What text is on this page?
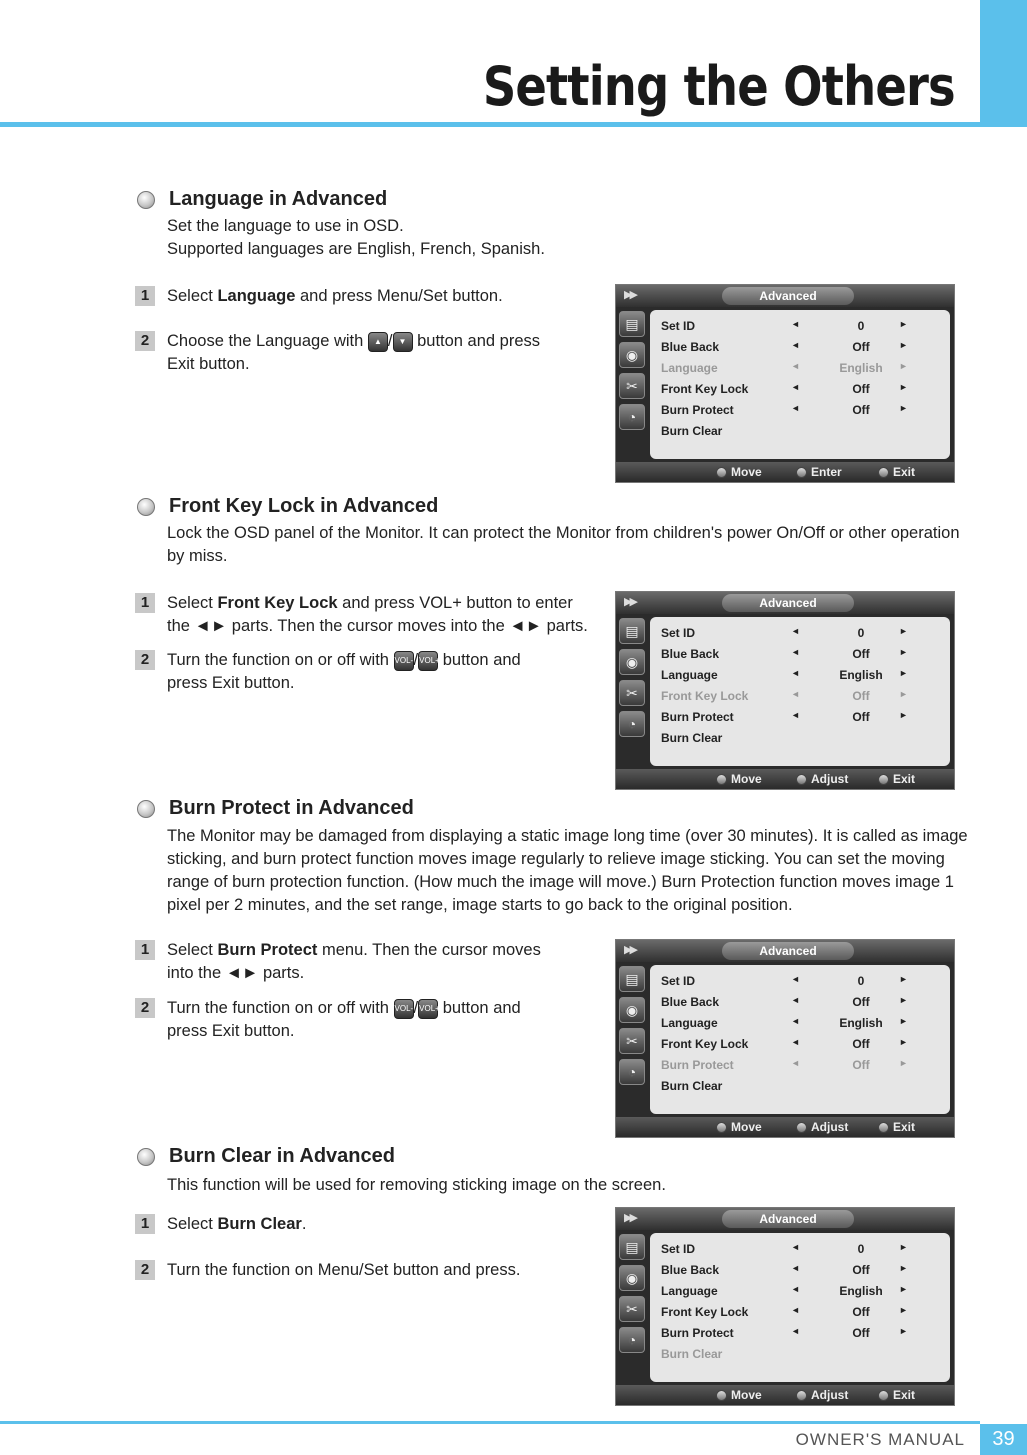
Setting the Others
Language in Advanced

Set the language to use in OSD.
Supported languages are English, French, Spanish.

1	Select Language and press Menu/Set button.
2	Choose the Language with ▲ / ▼ button and press
Exit button.
Front Key Lock in Advanced

Lock the OSD panel of the Monitor. It can protect the Monitor from children's power On/Off or other operation
by miss.

1	Select Front Key Lock and press VOL+ button to enter
the ◄► parts. Then the cursor moves into the ◄► parts.
2	Turn the function on or off with VOL-/VOL+ button and
press Exit button.
Burn Protect in Advanced

The Monitor may be damaged from displaying a static image long time (over 30 minutes). It is called as image
sticking, and burn protect function moves image regularly to relieve image sticking. You can set the moving
range of burn protection function. (How much the image will move.) Burn Protection function moves image 1
pixel per 2 minutes, and the set range, image starts to go back to the original position.

1	Select Burn Protect menu. Then the cursor moves
into the ◄► parts.
2	Turn the function on or off with VOL-/VOL+ button and
press Exit button.
Burn Clear in Advanced

This function will be used for removing sticking image on the screen.

1	Select Burn Clear.
2	Turn the function on Menu/Set button and press.
▶▶	Advanced
▤
◉
✂
◔
Set ID	◄	0	►
Blue Back	◄	Off	►
Language	◄	English	►
Front Key Lock	◄	Off	►
Burn Protect	◄	Off	►
Burn Clear
Move	Enter	Exit
▶▶	Advanced
▤
◉
✂
◔
Set ID	◄	0	►
Blue Back	◄	Off	►
Language	◄	English	►
Front Key Lock	◄	Off	►
Burn Protect	◄	Off	►
Burn Clear
Move	Adjust	Exit
▶▶	Advanced
▤
◉
✂
◔
Set ID	◄	0	►
Blue Back	◄	Off	►
Language	◄	English	►
Front Key Lock	◄	Off	►
Burn Protect	◄	Off	►
Burn Clear
Move	Adjust	Exit
▶▶	Advanced
▤
◉
✂
◔
Set ID	◄	0	►
Blue Back	◄	Off	►
Language	◄	English	►
Front Key Lock	◄	Off	►
Burn Protect	◄	Off	►
Burn Clear
Move	Adjust	Exit
OWNER'S MANUAL	39
